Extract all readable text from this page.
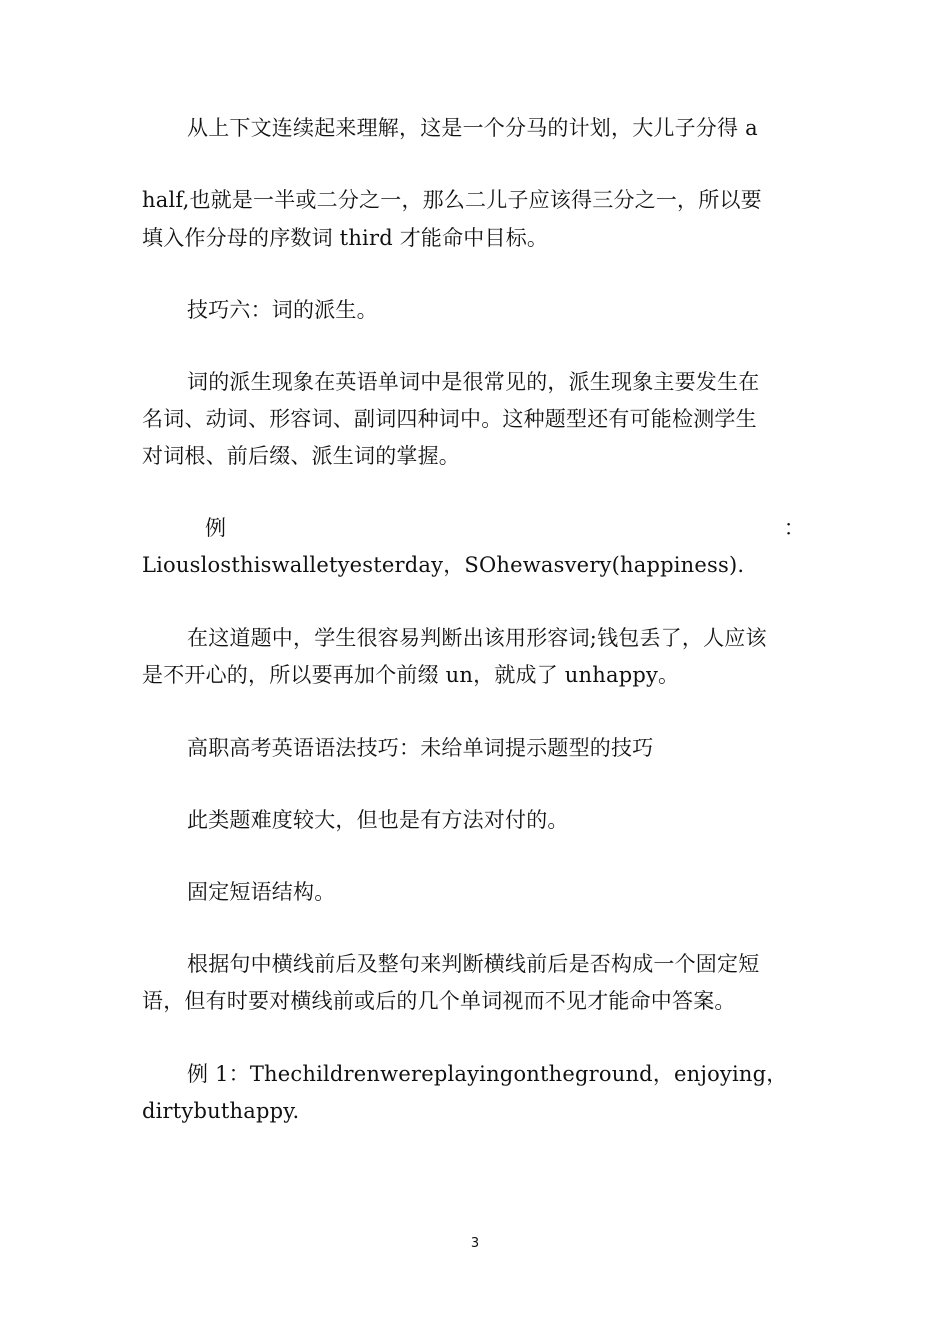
从上下文连续起来理解，这是一个分马的计划，大儿子分得 a
half,也就是一半或二分之一，那么二儿子应该得三分之一，所以要
填入作分母的序数词 third 才能命中目标。
技巧六：词的派生。
词的派生现象在英语单词中是很常见的，派生现象主要发生在
名词、动词、形容词、副词四种词中。这种题型还有可能检测学生
对词根、前后缀、派生词的掌握。
例	：
Liouslosthiswalletyesterday，SOhewasvery(happiness).
在这道题中，学生很容易判断出该用形容词;钱包丢了，人应该
是不开心的，所以要再加个前缀 un，就成了 unhappy。
高职高考英语语法技巧：未给单词提示题型的技巧
此类题难度较大，但也是有方法对付的。
固定短语结构。
根据句中横线前后及整句来判断横线前后是否构成一个固定短
语，但有时要对横线前或后的几个单词视而不见才能命中答案。
例 1：Thechildrenwereplayingontheground，enjoying，
dirtybuthappy.
3
